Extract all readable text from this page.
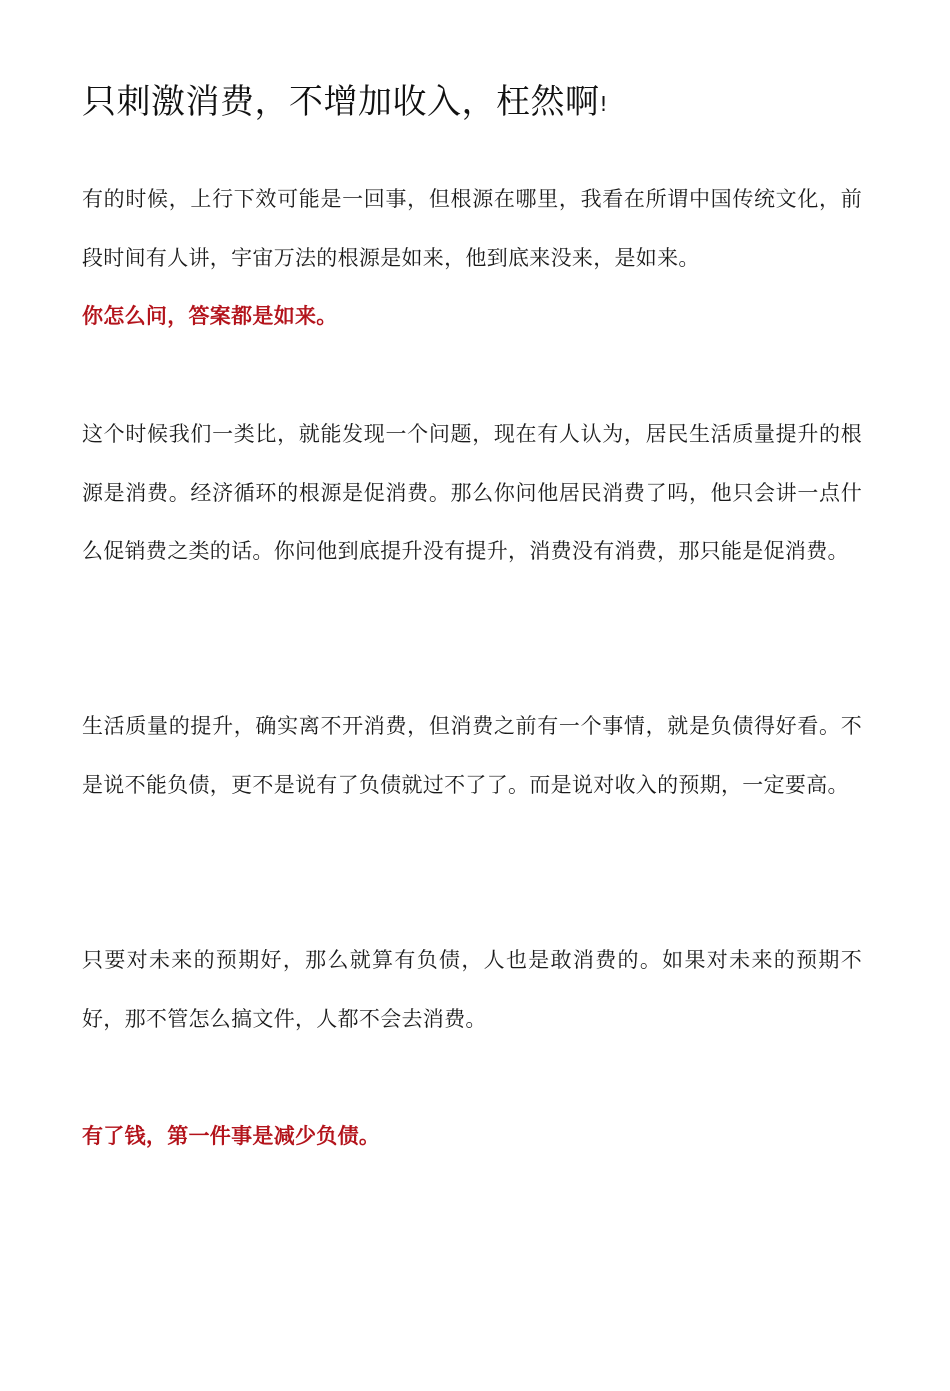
只刺激消费，不增加收入，枉然啊!

有的时候，上行下效可能是一回事，但根源在哪里，我看在所谓中国传统文化，前段时间有人讲，宇宙万法的根源是如来，他到底来没来，是如来。
你怎么问，答案都是如来。

这个时候我们一类比，就能发现一个问题，现在有人认为，居民生活质量提升的根源是消费。经济循环的根源是促消费。那么你问他居民消费了吗，他只会讲一点什么促销费之类的话。你问他到底提升没有提升，消费没有消费，那只能是促消费。

生活质量的提升，确实离不开消费，但消费之前有一个事情，就是负债得好看。不是说不能负债，更不是说有了负债就过不了了。而是说对收入的预期，一定要高。

只要对未来的预期好，那么就算有负债，人也是敢消费的。如果对未来的预期不好，那不管怎么搞文件，人都不会去消费。

有了钱，第一件事是减少负债。
